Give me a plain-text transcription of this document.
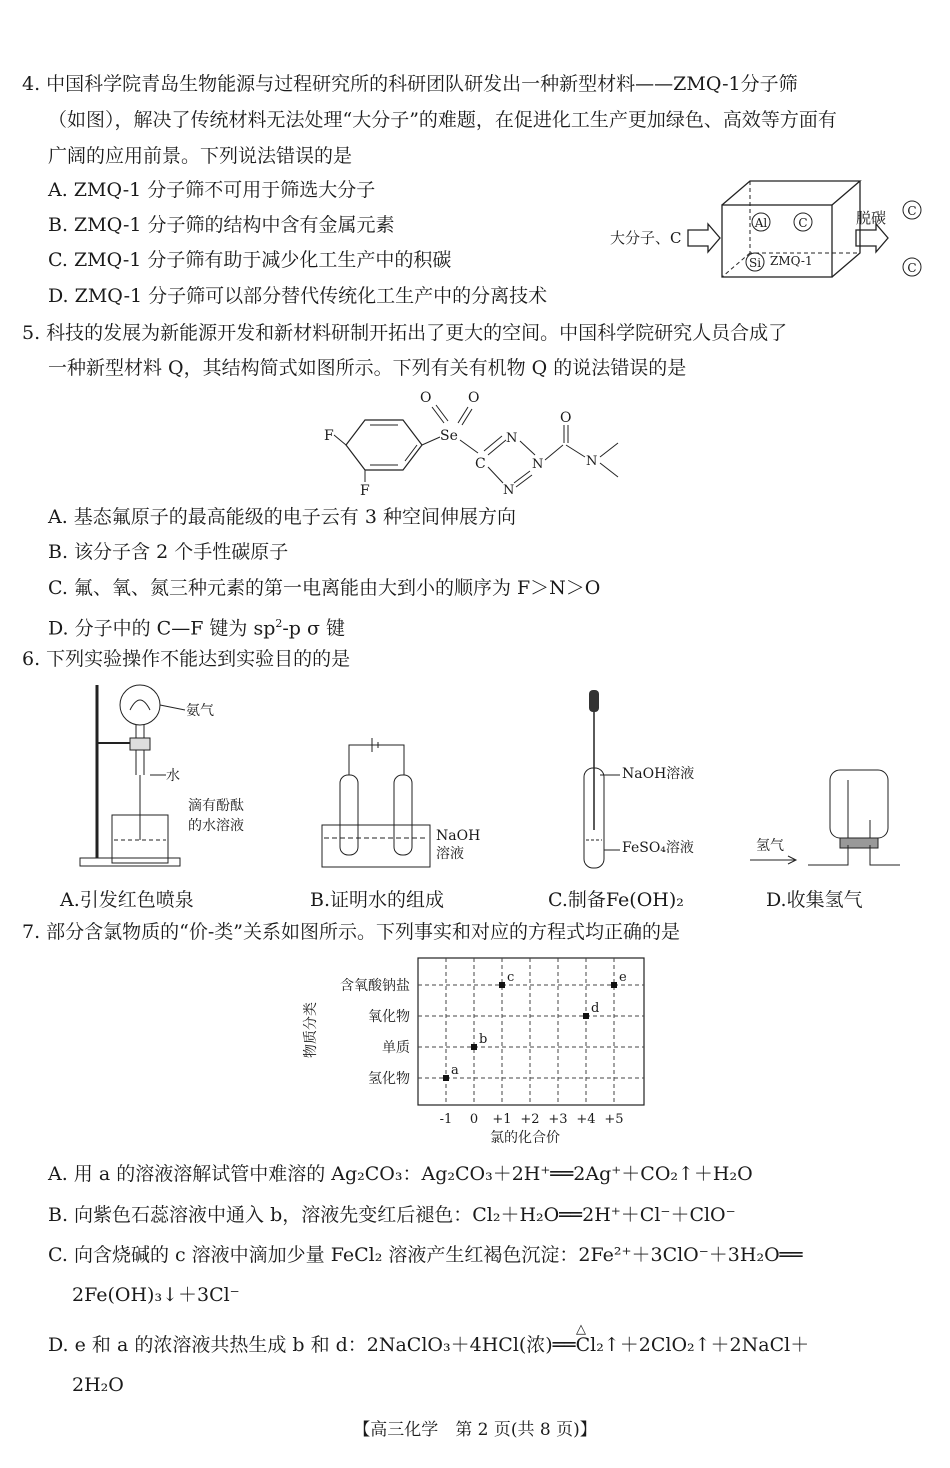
4. 中国科学院青岛生物能源与过程研究所的科研团队研发出一种新型材料——ZMQ-1分子筛
（如图），解决了传统材料无法处理“大分子”的难题，在促进化工生产更加绿色、高效等方面有
广阔的应用前景。下列说法错误的是
A. ZMQ-1 分子筛不可用于筛选大分子
B. ZMQ-1 分子筛的结构中含有金属元素
C. ZMQ-1 分子筛有助于减少化工生产中的积碳
D. ZMQ-1 分子筛可以部分替代传统化工生产中的分离技术
大分子、C
Al	C
Si ZMQ-1
脱碳 C
C
5. 科技的发展为新能源开发和新材料研制开拓出了更大的空间。中国科学院研究人员合成了
一种新型材料 Q，其结构简式如图所示。下列有关有机物 Q 的说法错误的是
F
F
Se
O	O
C
N
N
N
O
N
A. 基态氟原子的最高能级的电子云有 3 种空间伸展方向
B. 该分子含 2 个手性碳原子
C. 氟、氧、氮三种元素的第一电离能由大到小的顺序为 F＞N＞O
D. 分子中的 C—F 键为 $sp^2-p$ σ 键
6. 下列实验操作不能达到实验目的的是
氨气
水
滴有酚酞
的水溶液
NaOH
溶液
NaOH溶液
FeSO₄溶液	氢气
A.引发红色喷泉	B.证明水的组成	C.制备Fe(OH)₂	D.收集氢气
7. 部分含氯物质的“价-类”关系如图所示。下列事实和对应的方程式均正确的是
氢化物
单质
氧化物
含氧酸钠盐
-1 0 +1 +2 +3 +4 +5
a
b
c
d
e
氯的化合价
物质分类
A. 用 a 的溶液溶解试管中难溶的 Ag₂CO₃：Ag₂CO₃＋2H⁺══2Ag⁺＋CO₂↑＋H₂O
B. 向紫色石蕊溶液中通入 b，溶液先变红后褪色：Cl₂＋H₂O══2H⁺＋Cl⁻＋ClO⁻
C. 向含烧碱的 c 溶液中滴加少量 FeCl₂ 溶液产生红褐色沉淀：2Fe²⁺＋3ClO⁻＋3H₂O══
2Fe(OH)₃↓＋3Cl⁻
△
D. e 和 a 的浓溶液共热生成 b 和 d：2NaClO₃＋4HCl(浓)══Cl₂↑＋2ClO₂↑＋2NaCl＋
2H₂O
【高三化学　第 2 页(共 8 页)】
